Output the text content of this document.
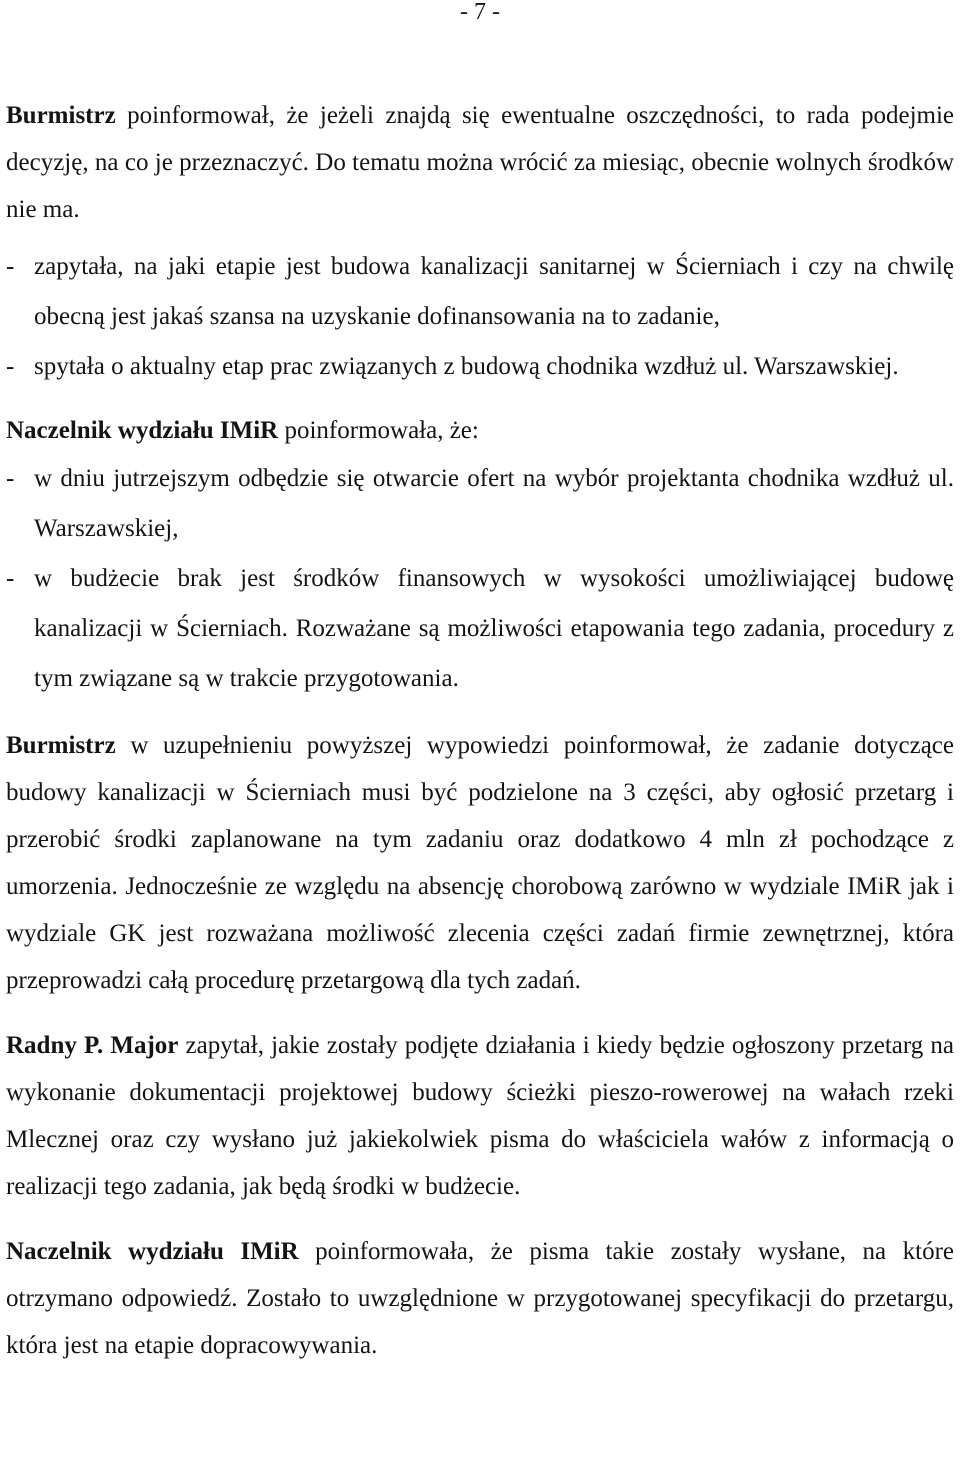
- 7 -

Burmistrz poinformował, że jeżeli znajdą się ewentualne oszczędności, to rada podejmie decyzję, na co je przeznaczyć. Do tematu można wrócić za miesiąc, obecnie wolnych środków nie ma.

- zapytała, na jaki etapie jest budowa kanalizacji sanitarnej w Ścierniach i czy na chwilę obecną jest jakaś szansa na uzyskanie dofinansowania na to zadanie,
- spytała o aktualny etap prac związanych z budową chodnika wzdłuż ul. Warszawskiej.

Naczelnik wydziału IMiR poinformowała, że:

- w dniu jutrzejszym odbędzie się otwarcie ofert na wybór projektanta chodnika wzdłuż ul. Warszawskiej,
- w budżecie brak jest środków finansowych w wysokości umożliwiającej budowę kanalizacji w Ścierniach. Rozważane są możliwości etapowania tego zadania, procedury z tym związane są w trakcie przygotowania.

Burmistrz w uzupełnieniu powyższej wypowiedzi poinformował, że zadanie dotyczące budowy kanalizacji w Ścierniach musi być podzielone na 3 części, aby ogłosić przetarg i przerobić środki zaplanowane na tym zadaniu oraz dodatkowo 4 mln zł pochodzące z umorzenia. Jednocześnie ze względu na absencję chorobową zarówno w wydziale IMiR jak i wydziale GK jest rozważana możliwość zlecenia części zadań firmie zewnętrznej, która przeprowadzi całą procedurę przetargową dla tych zadań.

Radny P. Major zapytał, jakie zostały podjęte działania i kiedy będzie ogłoszony przetarg na wykonanie dokumentacji projektowej budowy ścieżki pieszo-rowerowej na wałach rzeki Mlecznej oraz czy wysłano już jakiekolwiek pisma do właściciela wałów z informacją o realizacji tego zadania, jak będą środki w budżecie.

Naczelnik wydziału IMiR poinformowała, że pisma takie zostały wysłane, na które otrzymano odpowiedź. Zostało to uwzględnione w przygotowanej specyfikacji do przetargu, która jest na etapie dopracowywania.
